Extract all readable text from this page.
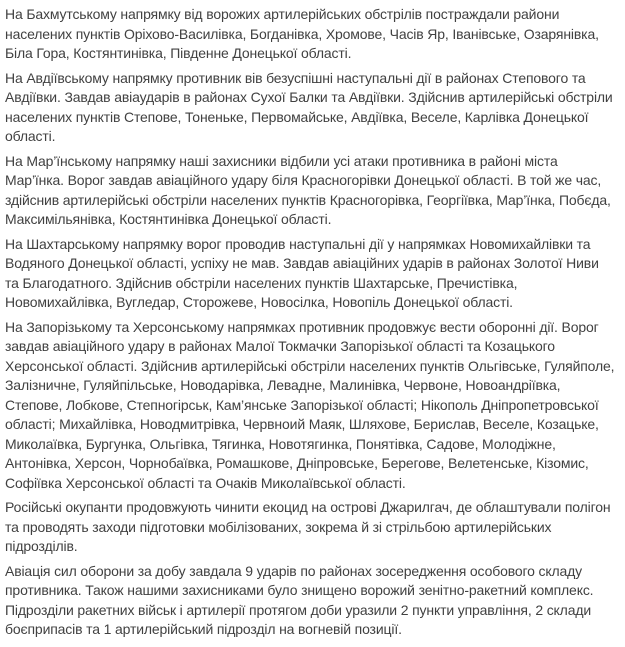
На Бахмутському напрямку від ворожих артилерійських обстрілів постраждали райони населених пунктів Оріхово-Василівка, Богданівка, Хромове, Часів Яр, Іванівське, Озарянівка, Біла Гора, Костянтинівка, Південне Донецької області.

На Авдіївському напрямку противник вів безуспішні наступальні дії в районах Степового та Авдіївки. Завдав авіаударів в районах Сухої Балки та Авдіївки. Здійснив артилерійські обстріли населених пунктів Степове, Тоненьке, Первомайське, Авдіївка, Веселе, Карлівка Донецької області.

На Мар’їнському напрямку наші захисники відбили усі атаки противника в районі міста Мар’їнка. Ворог завдав авіаційного удару біля Красногорівки Донецької області. В той же час, здійснив артилерійські обстріли населених пунктів Красногорівка, Георгіївка, Мар’їнка, Побєда, Максимільянівка, Костянтинівка Донецької області.

На Шахтарському напрямку ворог проводив наступальні дії у напрямках Новомихайлівки та Водяного Донецької області, успіху не мав. Завдав авіаційних ударів в районах Золотої Ниви та Благодатного. Здійснив обстріли населених пунктів Шахтарське, Пречистівка, Новомихайлівка, Вугледар, Сторожеве, Новосілка, Новопіль Донецької області.

На Запорізькому та Херсонському напрямках противник продовжує вести оборонні дії. Ворог завдав авіаційного удару в районах Малої Токмачки Запорізької області та Козацького Херсонської області. Здійснив артилерійські обстріли населених пунктів Ольгівське, Гуляйполе, Залізничне, Гуляйпільське, Новодарівка, Левадне, Малинівка, Червоне, Новоандріївка, Степове, Лобкове, Степногірськ, Кам’янське Запорізької області; Нікополь Дніпропетровської області; Михайлівка, Новодмитрівка, Червноий Маяк, Шляхове, Берислав, Веселе, Козацьке, Миколаївка, Бургунка, Ольгівка, Тягинка, Новотягинка, Понятівка, Садове, Молодіжне, Антонівка, Херсон, Чорнобаївка, Ромашкове, Дніпровське, Берегове, Велетенське, Кізомис, Софіївка Херсонської області та Очаків Миколаївської області.

Російські окупанти продовжують чинити екоцид на острові Джарилгач, де облаштували полігон та проводять заходи підготовки мобілізованих, зокрема й зі стрільбою артилерійських підрозділів.

Авіація сил оборони за добу завдала 9 ударів по районах зосередження особового складу противника. Також нашими захисниками було знищено ворожий зенітно-ракетний комплекс.

Підрозділи ракетних військ і артилерії протягом доби уразили 2 пункти управління, 2 склади боєприпасів та 1 артилерійський підрозділ на вогневій позиції.
